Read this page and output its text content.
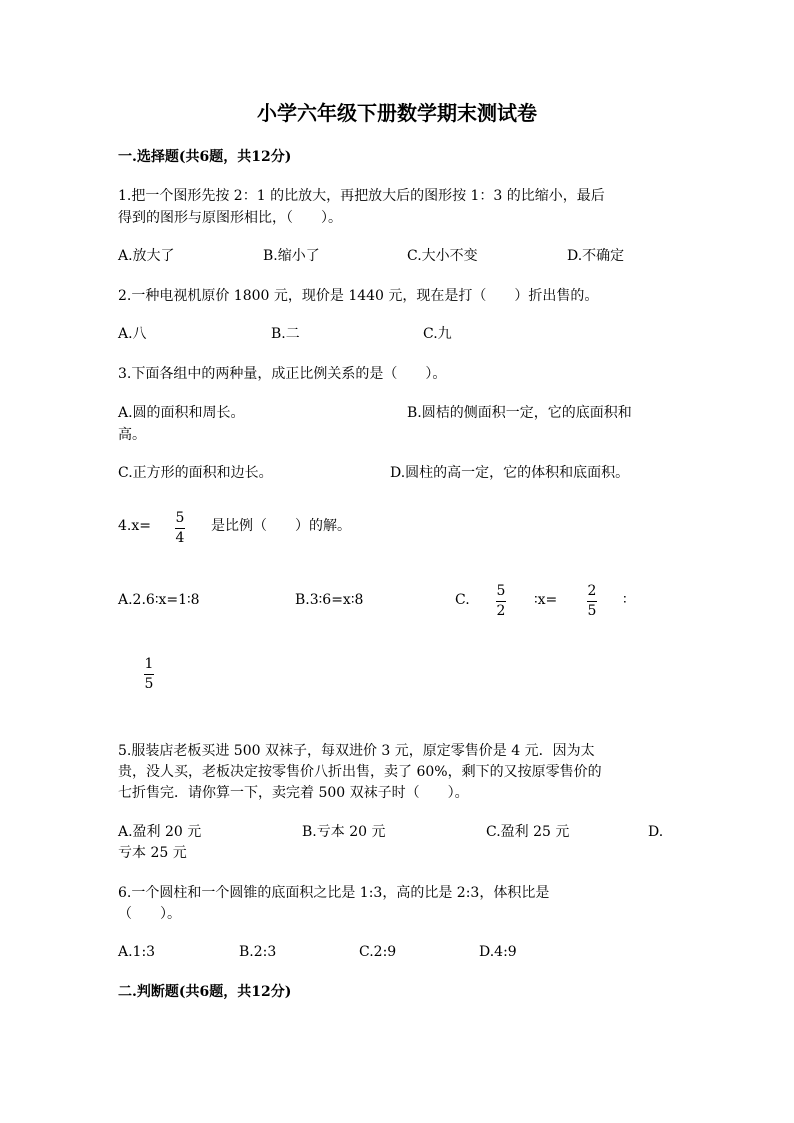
小学六年级下册数学期末测试卷
一.选择题(共6题，共12分)
1.把一个图形先按 2：1 的比放大，再把放大后的图形按 1：3 的比缩小，最后
得到的图形与原图形相比，（　　）。
A.放大了	B.缩小了	C.大小不变	D.不确定
2.一种电视机原价 1800 元，现价是 1440 元，现在是打（　　）折出售的。
A.八	B.二	C.九
3.下面各组中的两种量，成正比例关系的是（　　）。
A.圆的面积和周长。	B.圆桔的侧面积一定，它的底面积和
高。
C.正方形的面积和边长。	D.圆柱的高一定，它的体积和底面积。
4.x= 5
4
是比例（　　）的解。
A.2.6∶x=1∶8	B.3∶6=x∶8	C.
5
2
∶x=
2
5
∶
1
5
5.服装店老板买进 500 双袜子，每双进价 3 元，原定零售价是 4 元．因为太
贵，没人买，老板决定按零售价八折出售，卖了 60%，剩下的又按原零售价的
七折售完．请你算一下，卖完着 500 双袜子时（　　）。
A.盈利 20 元	B.亏本 20 元	C.盈利 25 元	D.
亏本 25 元
6.一个圆柱和一个圆锥的底面积之比是 1:3，高的比是 2:3，体积比是
（　　）。
A.1:3	B.2:3	C.2:9	D.4:9
二.判断题(共6题，共12分)
